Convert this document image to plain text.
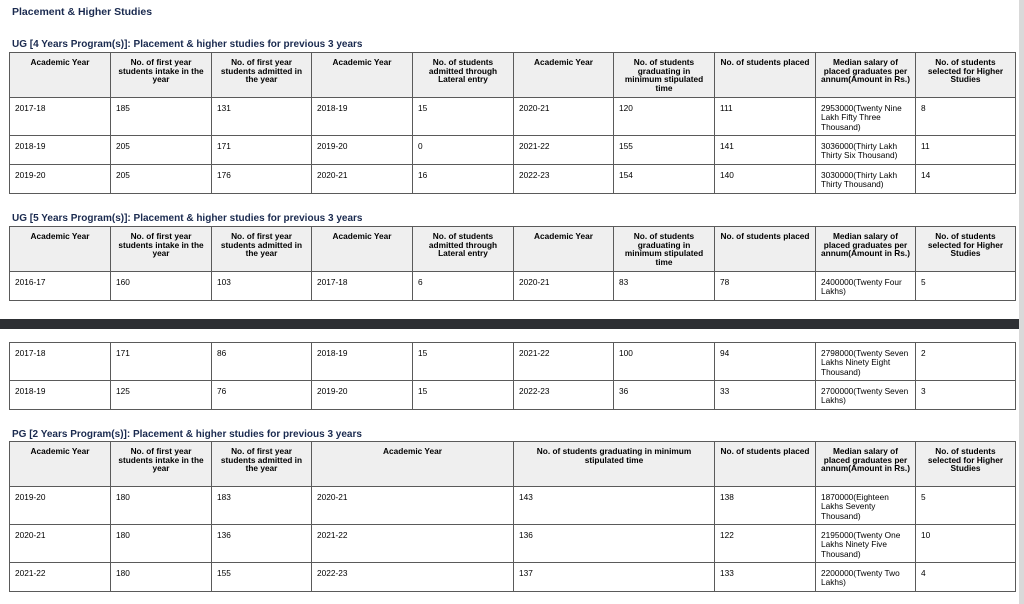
Placement & Higher Studies
UG [4 Years Program(s)]: Placement & higher studies for previous 3 years
Academic Year	No. of first year students intake in the year	No. of first year students admitted in the year	Academic Year	No. of students admitted through Lateral entry	Academic Year	No. of students graduating in minimum stipulated time	No. of students placed	Median salary of placed graduates per annum(Amount in Rs.)	No. of students selected for Higher Studies
2017-18	185	131	2018-19	15	2020-21	120	111	2953000(Twenty Nine Lakh Fifty Three Thousand)	8
2018-19	205	171	2019-20	0	2021-22	155	141	3036000(Thirty Lakh Thirty Six Thousand)	11
2019-20	205	176	2020-21	16	2022-23	154	140	3030000(Thirty Lakh Thirty Thousand)	14
UG [5 Years Program(s)]: Placement & higher studies for previous 3 years
Academic Year	No. of first year students intake in the year	No. of first year students admitted in the year	Academic Year	No. of students admitted through Lateral entry	Academic Year	No. of students graduating in minimum stipulated time	No. of students placed	Median salary of placed graduates per annum(Amount in Rs.)	No. of students selected for Higher Studies
2016-17	160	103	2017-18	6	2020-21	83	78	2400000(Twenty Four Lakhs)	5
2017-18	171	86	2018-19	15	2021-22	100	94	2798000(Twenty Seven Lakhs Ninety Eight Thousand)	2
2018-19	125	76	2019-20	15	2022-23	36	33	2700000(Twenty Seven Lakhs)	3
PG [2 Years Program(s)]: Placement & higher studies for previous 3 years
Academic Year	No. of first year students intake in the year	No. of first year students admitted in the year	Academic Year	No. of students graduating in minimum stipulated time	No. of students placed	Median salary of placed graduates per annum(Amount in Rs.)	No. of students selected for Higher Studies
2019-20	180	183	2020-21	143	138	1870000(Eighteen Lakhs Seventy Thousand)	5
2020-21	180	136	2021-22	136	122	2195000(Twenty One Lakhs Ninety Five Thousand)	10
2021-22	180	155	2022-23	137	133	2200000(Twenty Two Lakhs)	4
